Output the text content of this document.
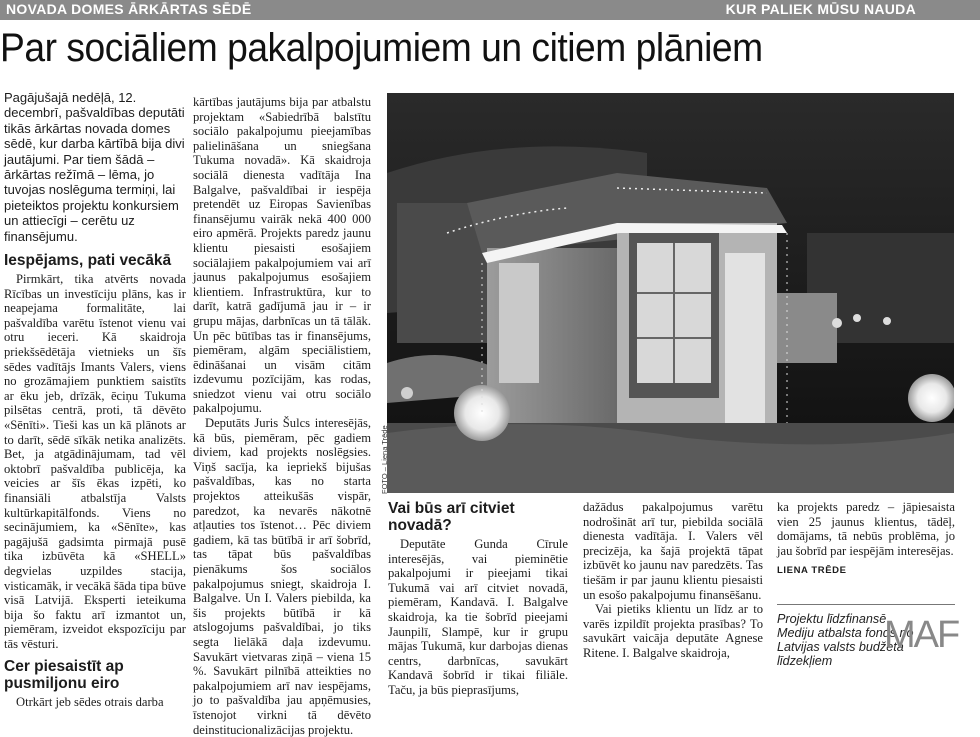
NOVADA DOMES ĀRKĀRTAS SĒDĒ	KUR PALIEK MŪSU NAUDA
Par sociāliem pakalpojumiem un citiem plāniem
Pagājušajā nedēļā, 12. decembrī, pašvaldības deputāti tikās ārkārtas novada domes sēdē, kur darba kārtībā bija divi jautājumi. Par tiem šādā – ārkārtas režīmā – lēma, jo tuvojas noslēguma termiņi, lai pieteiktos projektu konkursiem un attiecīgi – cerētu uz finansējumu.
Iespējams, pati vecākā

Pirmkārt, tika atvērts novada Rīcības un investīciju plāns, kas ir neapejama formalitāte, lai pašvaldība varētu īstenot vienu vai otru ieceri. Kā skaidroja priekšsēdētāja vietnieks un šīs sēdes vadītājs Imants Valers, viens no grozāmajiem punktiem saistīts ar ēku jeb, drīzāk, ēciņu Tukuma pilsētas centrā, proti, tā dēvēto «Sēnīti». Tieši kas un kā plānots ar to darīt, sēdē sīkāk netika analizēts. Bet, ja atgādinājumam, tad vēl oktobrī pašvaldība publicēja, ka veicies ar šīs ēkas izpēti, ko finansiāli atbalstīja Valsts kultūrkapitālfonds. Viens no secinājumiem, ka «Sēnīte», kas pagājušā gadsimta pirmajā pusē tika izbūvēta kā «SHELL» degvielas uzpildes stacija, visticamāk, ir vecākā šāda tipa būve visā Latvijā. Eksperti ieteikuma bija šo faktu arī izmantot un, piemēram, izveidot ekspozīciju par tās vēsturi.

Cer piesaistīt ap pusmiljonu eiro

Otrkārt jeb sēdes otrais darba

kārtības jautājums bija par atbalstu projektam «Sabiedrībā balstītu sociālo pakalpojumu pieejamības palielināšana un sniegšana Tukuma novadā». Kā skaidroja sociālā dienesta vadītāja Ina Balgalve, pašvaldībai ir iespēja pretendēt uz Eiropas Savienības finansējumu vairāk nekā 400 000 eiro apmērā. Projekts paredz jaunu klientu piesaisti esošajiem sociālajiem pakalpojumiem vai arī jaunus pakalpojumus esošajiem klientiem. Infrastruktūra, kur to darīt, katrā gadījumā jau ir – ir grupu mājas, darbnīcas un tā tālāk. Un pēc būtības tas ir finansējums, piemēram, algām speciālistiem, ēdināšanai un visām citām izdevumu pozīcijām, kas rodas, sniedzot vienu vai otru sociālo pakalpojumu.

Deputāts Juris Šulcs interesējās, kā būs, piemēram, pēc gadiem diviem, kad projekts noslēgsies. Viņš sacīja, ka iepriekš bijušas pašvaldības, kas no starta projektos atteikušās vispār, paredzot, ka nevarēs nākotnē atļauties tos īstenot… Pēc diviem gadiem, kā tas būtībā ir arī šobrīd, tas tāpat būs pašvaldības pienākums šos sociālos pakalpojumus sniegt, skaidroja I. Balgalve. Un I. Valers piebilda, ka šis projekts būtībā ir kā atslogojums pašvaldībai, jo tiks segta lielākā daļa izdevumu. Savukārt vietvaras ziņā – viena 15 %. Savukārt pilnībā atteikties no pakalpojumiem arī nav iespējams, jo to pašvaldība jau apņēmusies, īstenojot virkni tā dēvēto deinstitucionalizācijas projektu.

FOTO – Liena Trēde
Vai būs arī citviet novadā?

Deputāte Gunda Cīrule interesējās, vai pieminētie pakalpojumi ir pieejami tikai Tukumā vai arī citviet novadā, piemēram, Kandavā. I. Balgalve skaidroja, ka tie šobrīd pieejami Jaunpilī, Slampē, kur ir grupu mājas Tukumā, kur darbojas dienas centrs, darbnīcas, savukārt Kandavā šobrīd ir tikai filiāle. Taču, ja būs pieprasījums,

dažādus pakalpojumus varētu nodrošināt arī tur, piebilda sociālā dienesta vadītāja. I. Valers vēl precizēja, ka šajā projektā tāpat izbūvēt ko jaunu nav paredzēts. Tas tiešām ir par jaunu klientu piesaisti un esošo pakalpojumu finansēšanu.

Vai pietiks klientu un līdz ar to varēs izpildīt projekta prasības? To savukārt vaicāja deputāte Agnese Ritene. I. Balgalve skaidroja,

ka projekts paredz – jāpiesaista vien 25 jaunus klientus, tādēļ, domājams, tā nebūs problēma, jo jau šobrīd par iespējām interesējas.

LIENA TRĒDE
Projektu līdzfinansē Mediju atbalsta fonds no Latvijas valsts budžeta līdzekļiem
MAF
